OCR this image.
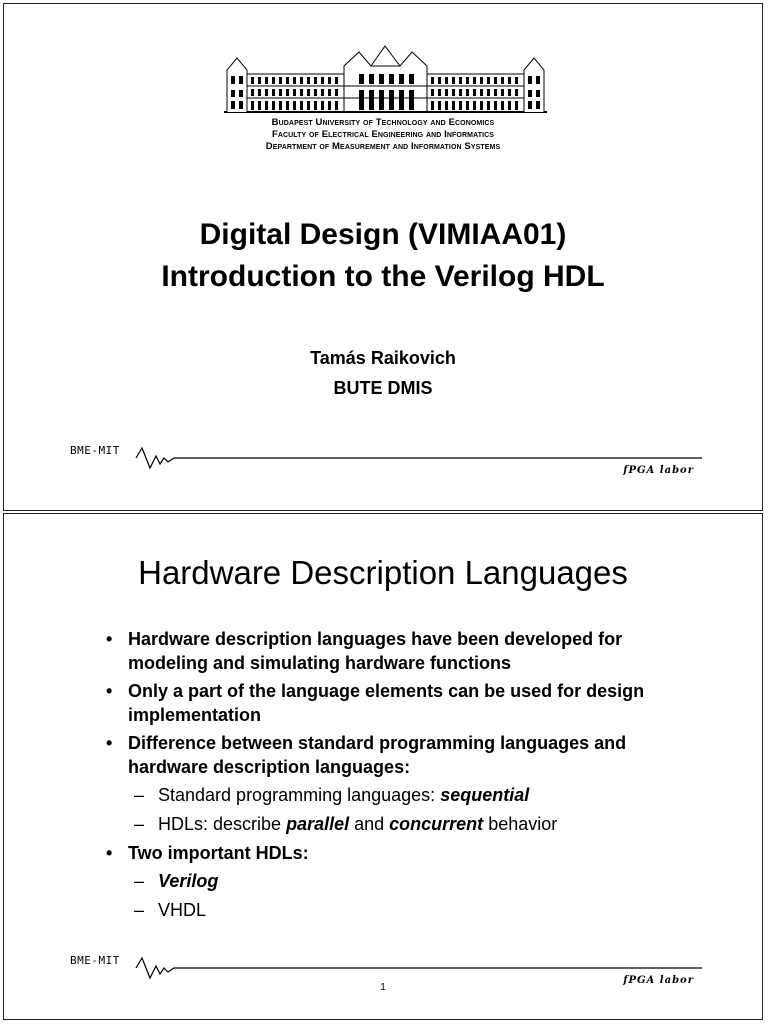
Budapest University of Technology and Economics
Faculty of Electrical Engineering and Informatics
Department of Measurement and Information Systems
Digital Design (VIMIAA01)
Introduction to the Verilog HDL
Tamás Raikovich
BUTE DMIS
BME-MIT
fPGA labor
Hardware Description Languages
• Hardware description languages have been developed for modeling and simulating hardware functions
• Only a part of the language elements can be used for design implementation
• Difference between standard programming languages and hardware description languages:
– Standard programming languages: sequential
– HDLs: describe parallel and concurrent behavior
• Two important HDLs:
– Verilog
– VHDL
BME-MIT
fPGA labor
1
